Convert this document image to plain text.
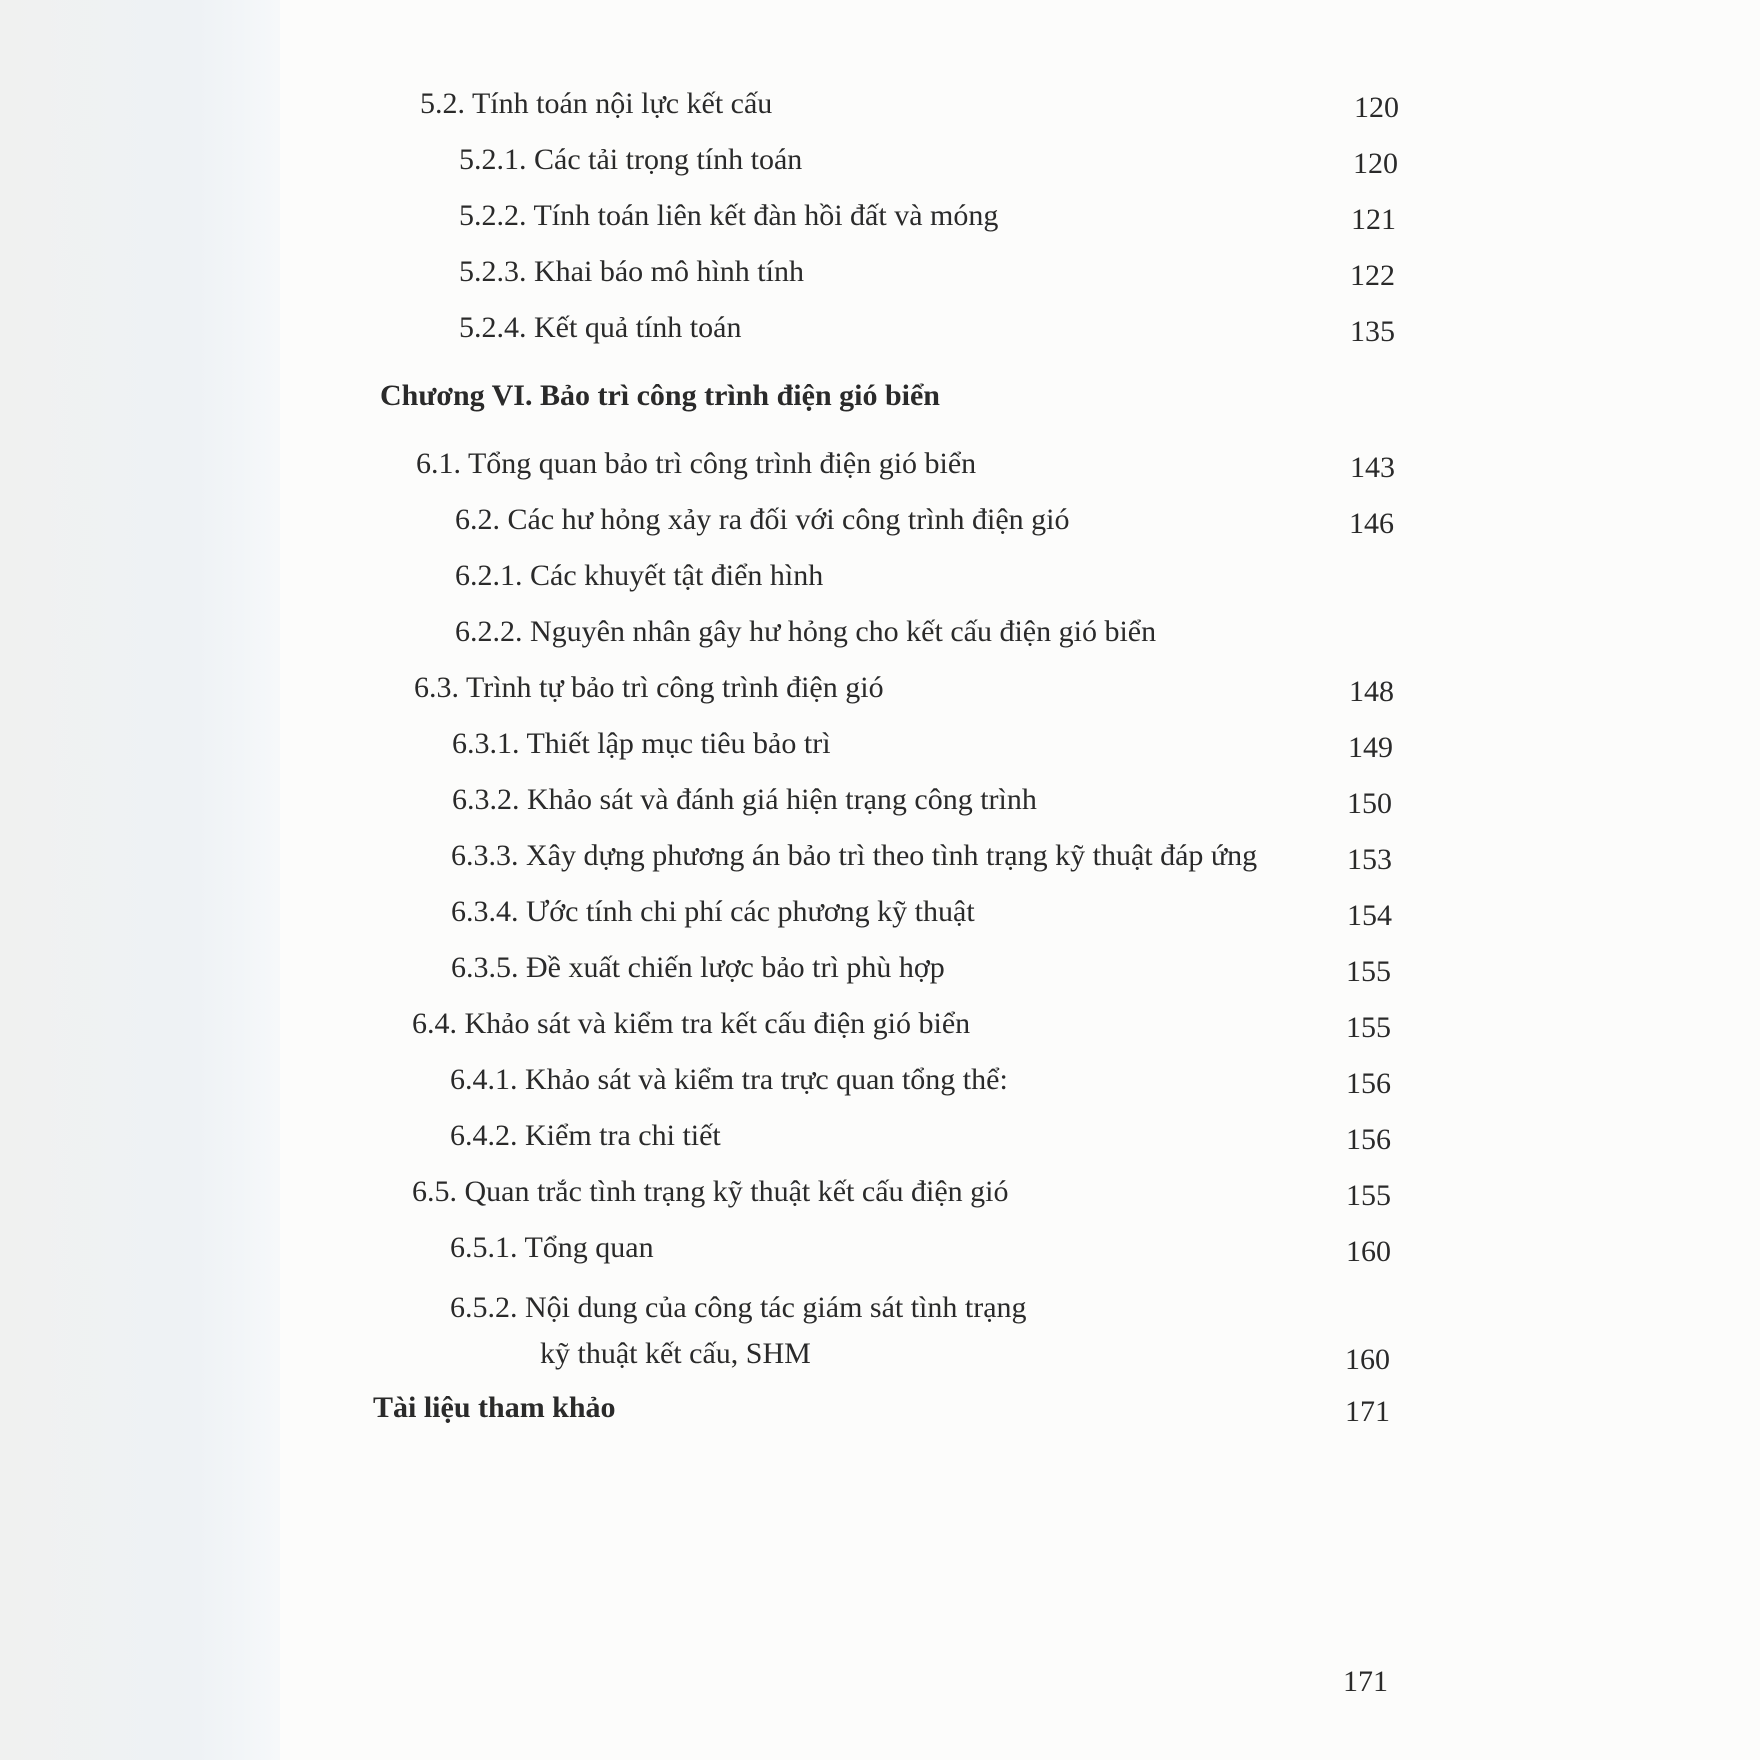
5.2. Tính toán nội lực kết cấu	120
5.2.1. Các tải trọng tính toán	120
5.2.2. Tính toán liên kết đàn hồi đất và móng	121
5.2.3. Khai báo mô hình tính	122
5.2.4. Kết quả tính toán	135
Chương VI. Bảo trì công trình điện gió biển
6.1. Tổng quan bảo trì công trình điện gió biển	143
6.2. Các hư hỏng xảy ra đối với công trình điện gió	146
6.2.1. Các khuyết tật điển hình
6.2.2. Nguyên nhân gây hư hỏng cho kết cấu điện gió biển
6.3. Trình tự bảo trì công trình điện gió	148
6.3.1. Thiết lập mục tiêu bảo trì	149
6.3.2. Khảo sát và đánh giá hiện trạng công trình	150
6.3.3. Xây dựng phương án bảo trì theo tình trạng kỹ thuật đáp ứng	153
6.3.4. Ước tính chi phí các phương kỹ thuật	154
6.3.5. Đề xuất chiến lược bảo trì phù hợp	155
6.4. Khảo sát và kiểm tra kết cấu điện gió biển	155
6.4.1. Khảo sát và kiểm tra trực quan tổng thể:	156
6.4.2. Kiểm tra chi tiết	156
6.5. Quan trắc tình trạng kỹ thuật kết cấu điện gió	155
6.5.1. Tổng quan	160
6.5.2. Nội dung của công tác giám sát tình trạng
kỹ thuật kết cấu, SHM	160
Tài liệu tham khảo	171
171
